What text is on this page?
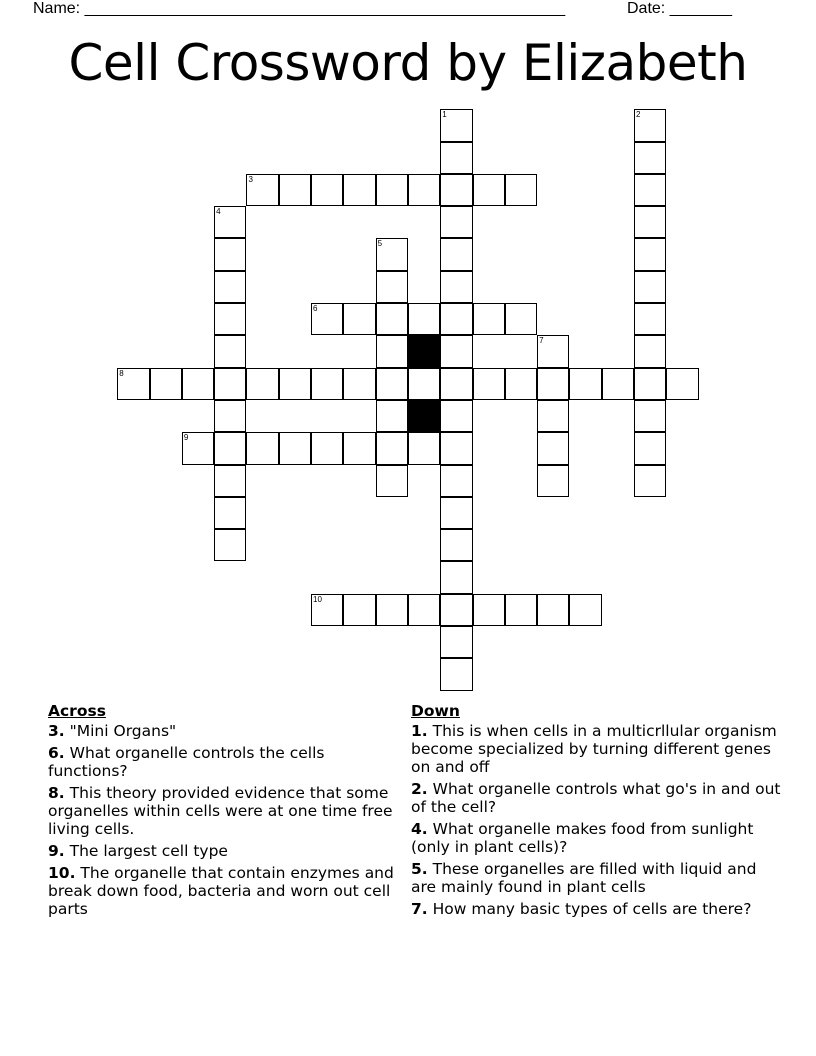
Name: ______________________________________________________	Date: _______
Cell Crossword by Elizabeth
1	2
3
4
5
6
7
8
9
10
Across
3. "Mini Organs"
6. What organelle controls the cells functions?
8. This theory provided evidence that some organelles within cells were at one time free living cells.
9. The largest cell type
10. The organelle that contain enzymes and break down food, bacteria and worn out cell parts
Down
1. This is when cells in a multicrllular organism become specialized by turning different genes on and off
2. What organelle controls what go's in and out of the cell?
4. What organelle makes food from sunlight (only in plant cells)?
5. These organelles are filled with liquid and are mainly found in plant cells
7. How many basic types of cells are there?
